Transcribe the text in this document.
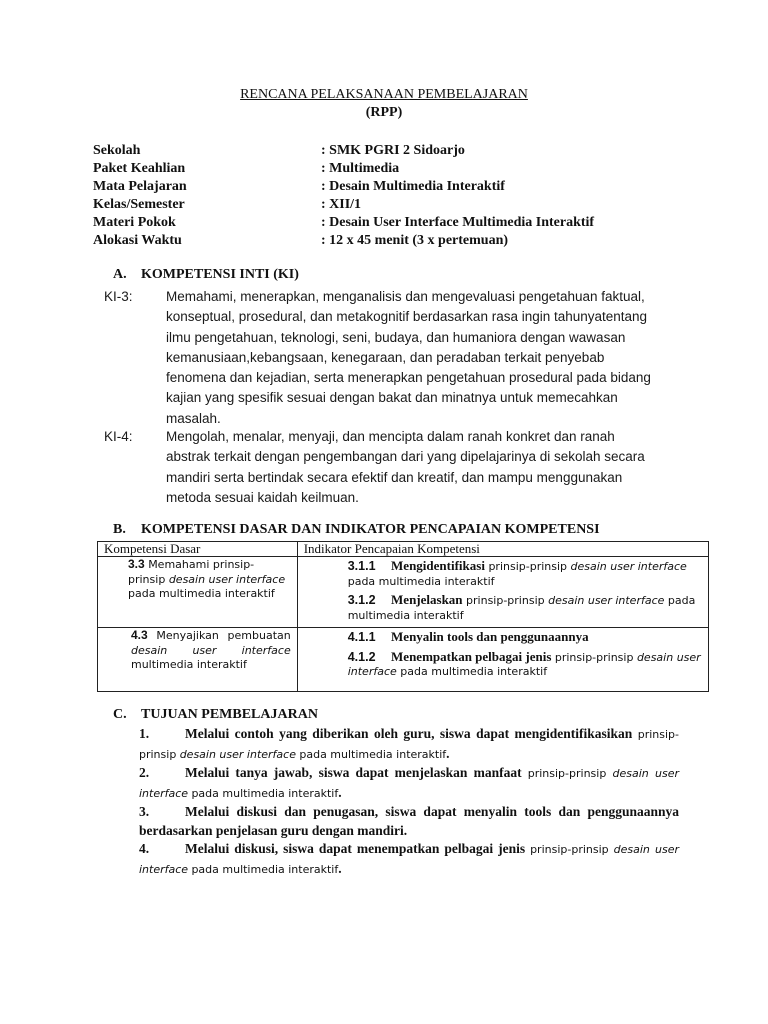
RENCANA PELAKSANAAN PEMBELAJARAN
(RPP)
Sekolah	: SMK PGRI 2 Sidoarjo
Paket Keahlian	: Multimedia
Mata Pelajaran	: Desain Multimedia Interaktif
Kelas/Semester	: XII/1
Materi Pokok	: Desain User Interface Multimedia Interaktif
Alokasi Waktu	: 12 x 45 menit (3 x pertemuan)
A. KOMPETENSI INTI (KI)
KI-3:	Memahami, menerapkan, menganalisis dan mengevaluasi pengetahuan faktual,
konseptual, prosedural, dan metakognitif berdasarkan rasa ingin tahunyatentang
ilmu pengetahuan, teknologi, seni, budaya, dan humaniora dengan wawasan
kemanusiaan,kebangsaan, kenegaraan, dan peradaban terkait penyebab
fenomena dan kejadian, serta menerapkan pengetahuan prosedural pada bidang
kajian yang spesifik sesuai dengan bakat dan minatnya untuk memecahkan
masalah.
KI-4:	Mengolah, menalar, menyaji, dan mencipta dalam ranah konkret dan ranah
abstrak terkait dengan pengembangan dari yang dipelajarinya di sekolah secara
mandiri serta bertindak secara efektif dan kreatif, dan mampu menggunakan
metoda sesuai kaidah keilmuan.
B. KOMPETENSI DASAR DAN INDIKATOR PENCAPAIAN KOMPETENSI
Kompetensi Dasar	Indikator Pencapaian Kompetensi
3.3 Memahami prinsip-prinsip desain user interface pada multimedia interaktif	3.1.1 Mengidentifikasi prinsip-prinsip desain user interface pada multimedia interaktif
3.1.2 Menjelaskan prinsip-prinsip desain user interface pada multimedia interaktif

4.3 Menyajikan pembuatan desain user interface multimedia interaktif	4.1.1 Menyalin tools dan penggunaannya
4.1.2 Menempatkan pelbagai jenis prinsip-prinsip desain user interface pada multimedia interaktif
C. TUJUAN PEMBELAJARAN
1.	Melalui contoh yang diberikan oleh guru, siswa dapat mengidentifikasikan prinsip-prinsip desain user interface pada multimedia interaktif.
2.	Melalui tanya jawab, siswa dapat menjelaskan manfaat prinsip-prinsip desain user interface pada multimedia interaktif.
3.	Melalui diskusi dan penugasan, siswa dapat menyalin tools dan penggunaannya berdasarkan penjelasan guru dengan mandiri.
4.	Melalui diskusi, siswa dapat menempatkan pelbagai jenis prinsip-prinsip desain user interface pada multimedia interaktif.
